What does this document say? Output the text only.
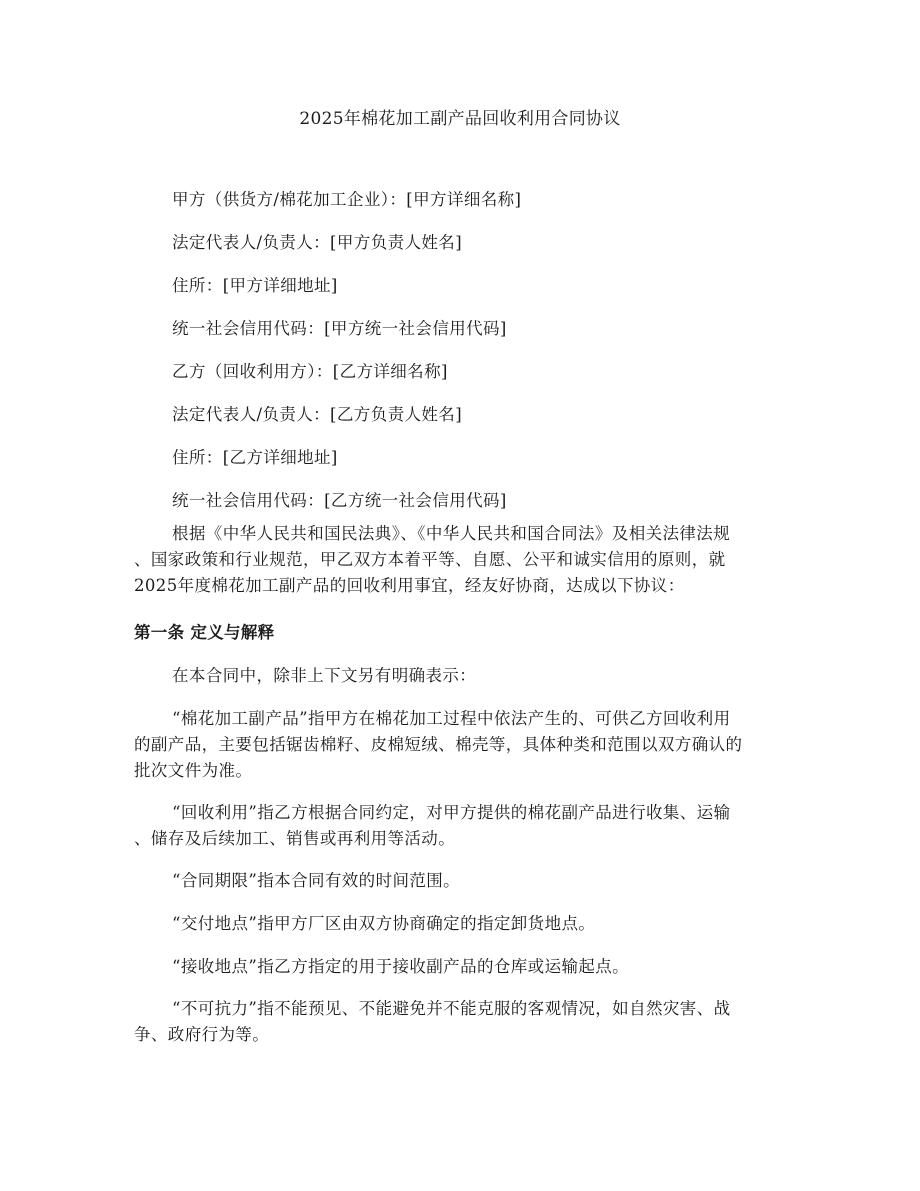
2025年棉花加工副产品回收利用合同协议
甲方（供货方/棉花加工企业）：[甲方详细名称]
法定代表人/负责人：[甲方负责人姓名]
住所：[甲方详细地址]
统一社会信用代码：[甲方统一社会信用代码]
乙方（回收利用方）：[乙方详细名称]
法定代表人/负责人：[乙方负责人姓名]
住所：[乙方详细地址]
统一社会信用代码：[乙方统一社会信用代码]
根据《中华人民共和国民法典》、《中华人民共和国合同法》及相关法律法规
、国家政策和行业规范，甲乙双方本着平等、自愿、公平和诚实信用的原则，就
2025年度棉花加工副产品的回收利用事宜，经友好协商，达成以下协议：
第一条 定义与解释
在本合同中，除非上下文另有明确表示：
“棉花加工副产品”指甲方在棉花加工过程中依法产生的、可供乙方回收利用
的副产品，主要包括锯齿棉籽、皮棉短绒、棉壳等，具体种类和范围以双方确认的
批次文件为准。
“回收利用”指乙方根据合同约定，对甲方提供的棉花副产品进行收集、运输
、储存及后续加工、销售或再利用等活动。
“合同期限”指本合同有效的时间范围。
“交付地点”指甲方厂区由双方协商确定的指定卸货地点。
“接收地点”指乙方指定的用于接收副产品的仓库或运输起点。
“不可抗力”指不能预见、不能避免并不能克服的客观情况，如自然灾害、战
争、政府行为等。
